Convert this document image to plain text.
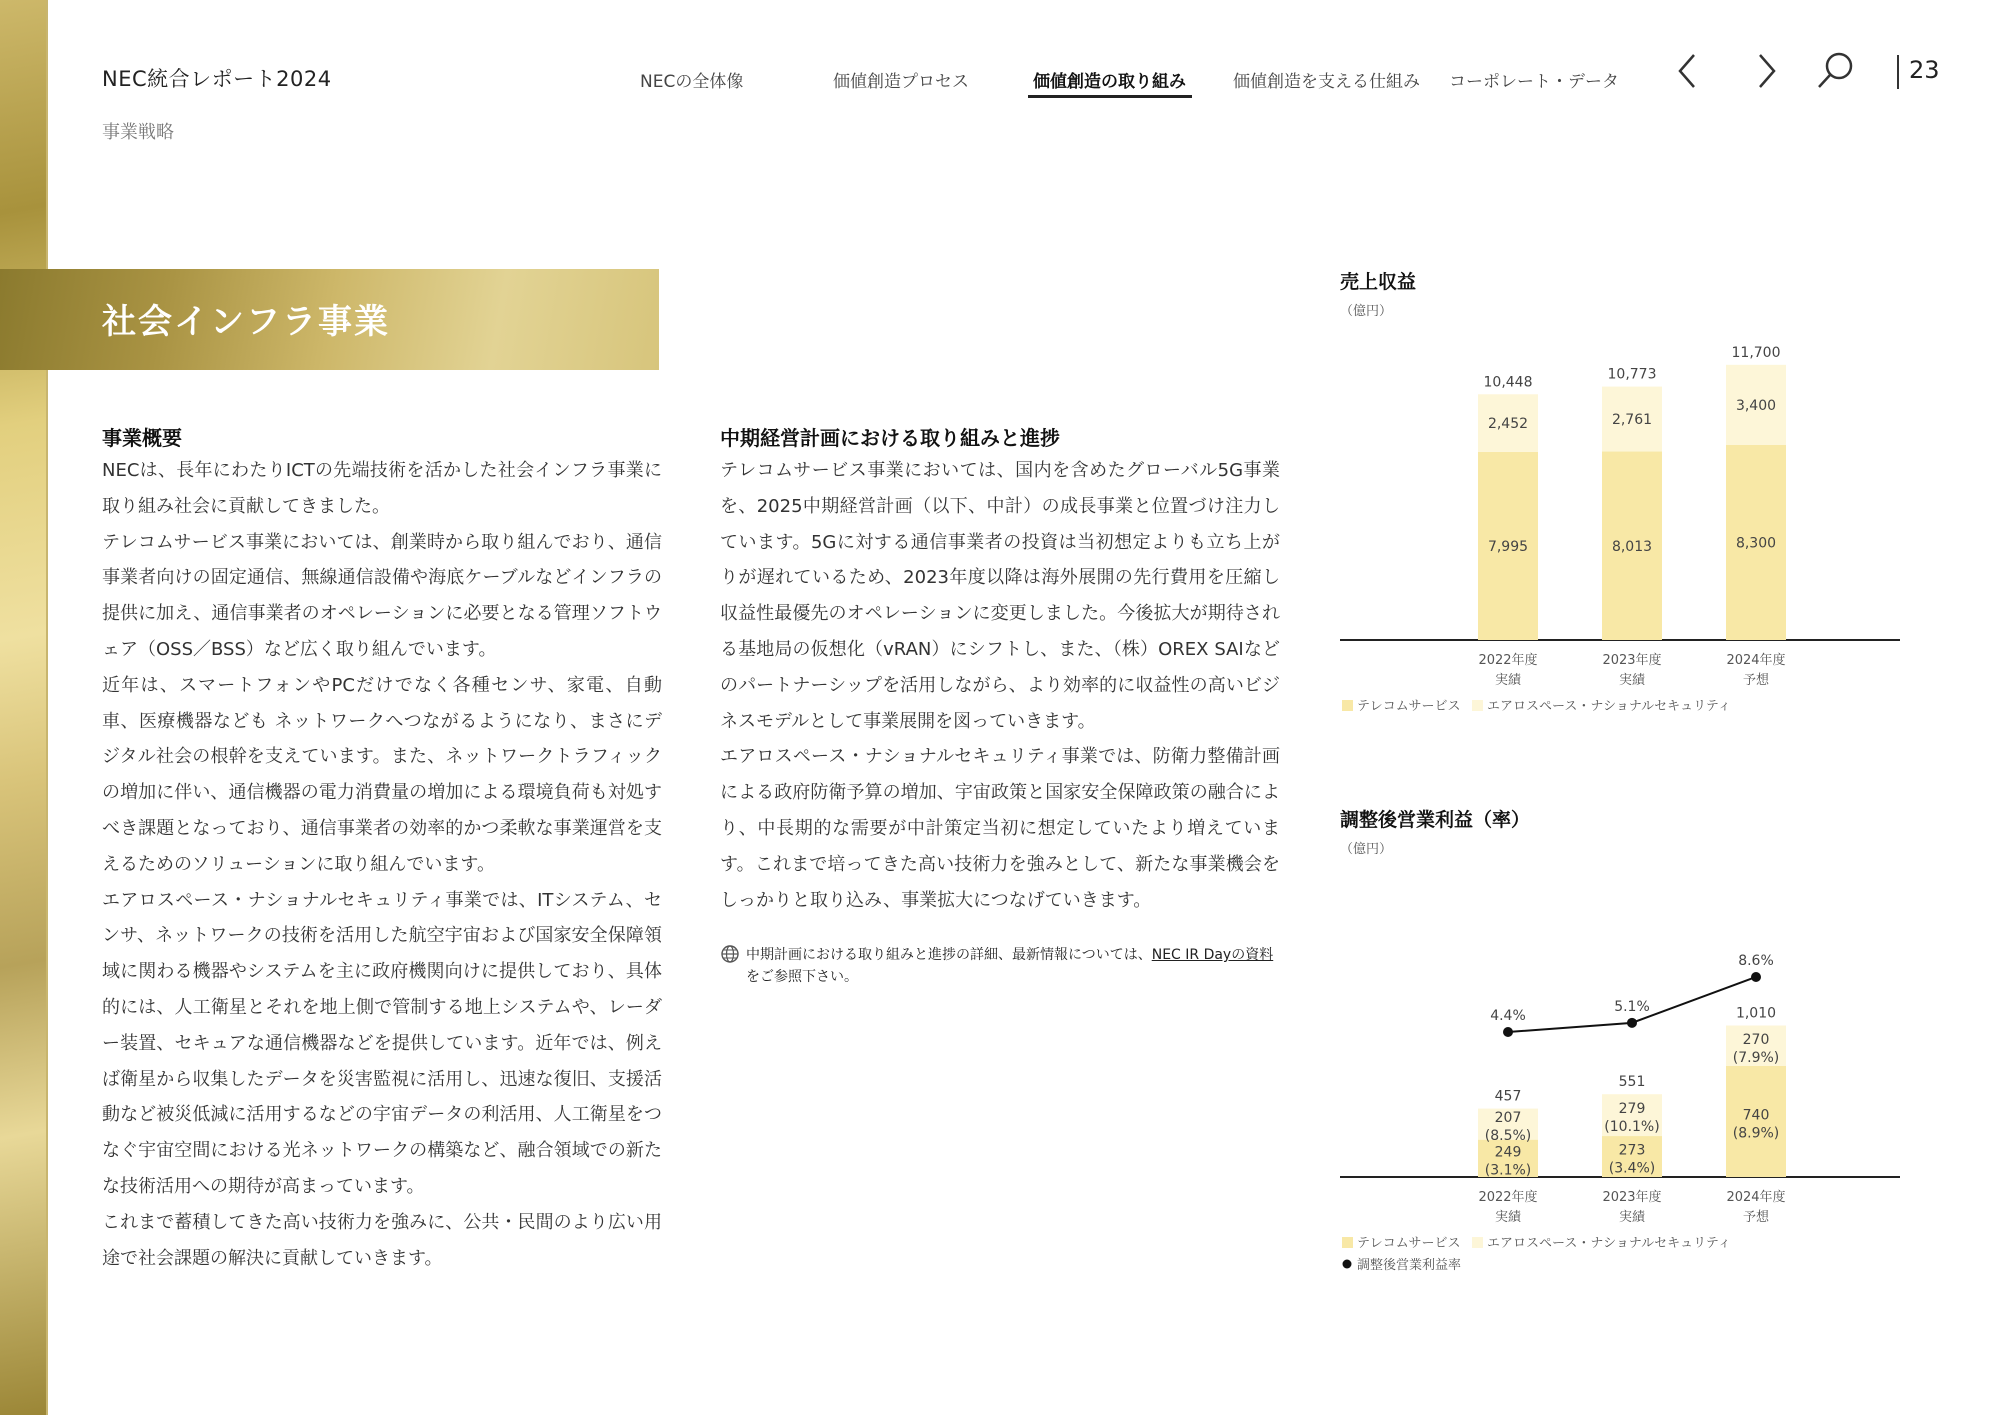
NEC統合レポート2024
事業戦略
NECの全体像	価値創造プロセス	価値創造の取り組み	価値創造を支える仕組み コーポレート・データ	23
社会インフラ事業
事業概要

NECは、長年にわたりICTの先端技術を活かした社会インフラ事業に取り組み社会に貢献してきました。

テレコムサービス事業においては、創業時から取り組んでおり、通信事業者向けの固定通信、無線通信設備や海底ケーブルなどインフラの提供に加え、通信事業者のオペレーションに必要となる管理ソフトウェア（OSS／BSS）など広く取り組んでいます。

近年は、スマートフォンやPCだけでなく各種センサ、家電、自動車、医療機器なども ネットワークへつながるようになり、まさにデジタル社会の根幹を支えています。また、ネットワークトラフィックの増加に伴い、通信機器の電力消費量の増加による環境負荷も対処すべき課題となっており、通信事業者の効率的かつ柔軟な事業運営を支えるためのソリューションに取り組んでいます。

エアロスペース・ナショナルセキュリティ事業では、ITシステム、センサ、ネットワークの技術を活用した航空宇宙および国家安全保障領域に関わる機器やシステムを主に政府機関向けに提供しており、具体的には、人工衛星とそれを地上側で管制する地上システムや、レーダー装置、セキュアな通信機器などを提供しています。近年では、例えば衛星から収集したデータを災害監視に活用し、迅速な復旧、支援活動など被災低減に活用するなどの宇宙データの利活用、人工衛星をつなぐ宇宙空間における光ネットワークの構築など、融合領域での新たな技術活用への期待が高まっています。

これまで蓄積してきた高い技術力を強みに、公共・民間のより広い用途で社会課題の解決に貢献していきます。

中期経営計画における取り組みと進捗

テレコムサービス事業においては、国内を含めたグローバル5G事業を、2025中期経営計画（以下、中計）の成長事業と位置づけ注力しています。5Gに対する通信事業者の投資は当初想定よりも立ち上がりが遅れているため、2023年度以降は海外展開の先行費用を圧縮し収益性最優先のオペレーションに変更しました。今後拡大が期待される基地局の仮想化（vRAN）にシフトし、また、（株）OREX SAIなどのパートナーシップを活用しながら、より効率的に収益性の高いビジネスモデルとして事業展開を図っていきます。

エアロスペース・ナショナルセキュリティ事業では、防衛力整備計画による政府防衛予算の増加、宇宙政策と国家安全保障政策の融合により、中長期的な需要が中計策定当初に想定していたより増えています。これまで培ってきた高い技術力を強みとして、新たな事業機会をしっかりと取り込み、事業拡大につなげていきます。

中期計画における取り組みと進捗の詳細、最新情報については、NEC IR Dayの資料をご参照下さい。
売上収益
（億円）
7,995
2,452
10,448
2022年度
実績
8,013
2,761
10,773
2023年度
実績
8,300
3,400
11,700
2024年度
予想
テレコムサービス エアロスペース・ナショナルセキュリティ
調整後営業利益（率）
（億円）
249
(3.1%)
207
(8.5%)
457
2022年度
実績
273
(3.4%)
279
(10.1%)
551
2023年度
実績
740
(8.9%)
270
(7.9%)
1,010
2024年度
予想
テレコムサービス エアロスペース・ナショナルセキュリティ
調整後営業利益率
4.4%
5.1%
8.6%
